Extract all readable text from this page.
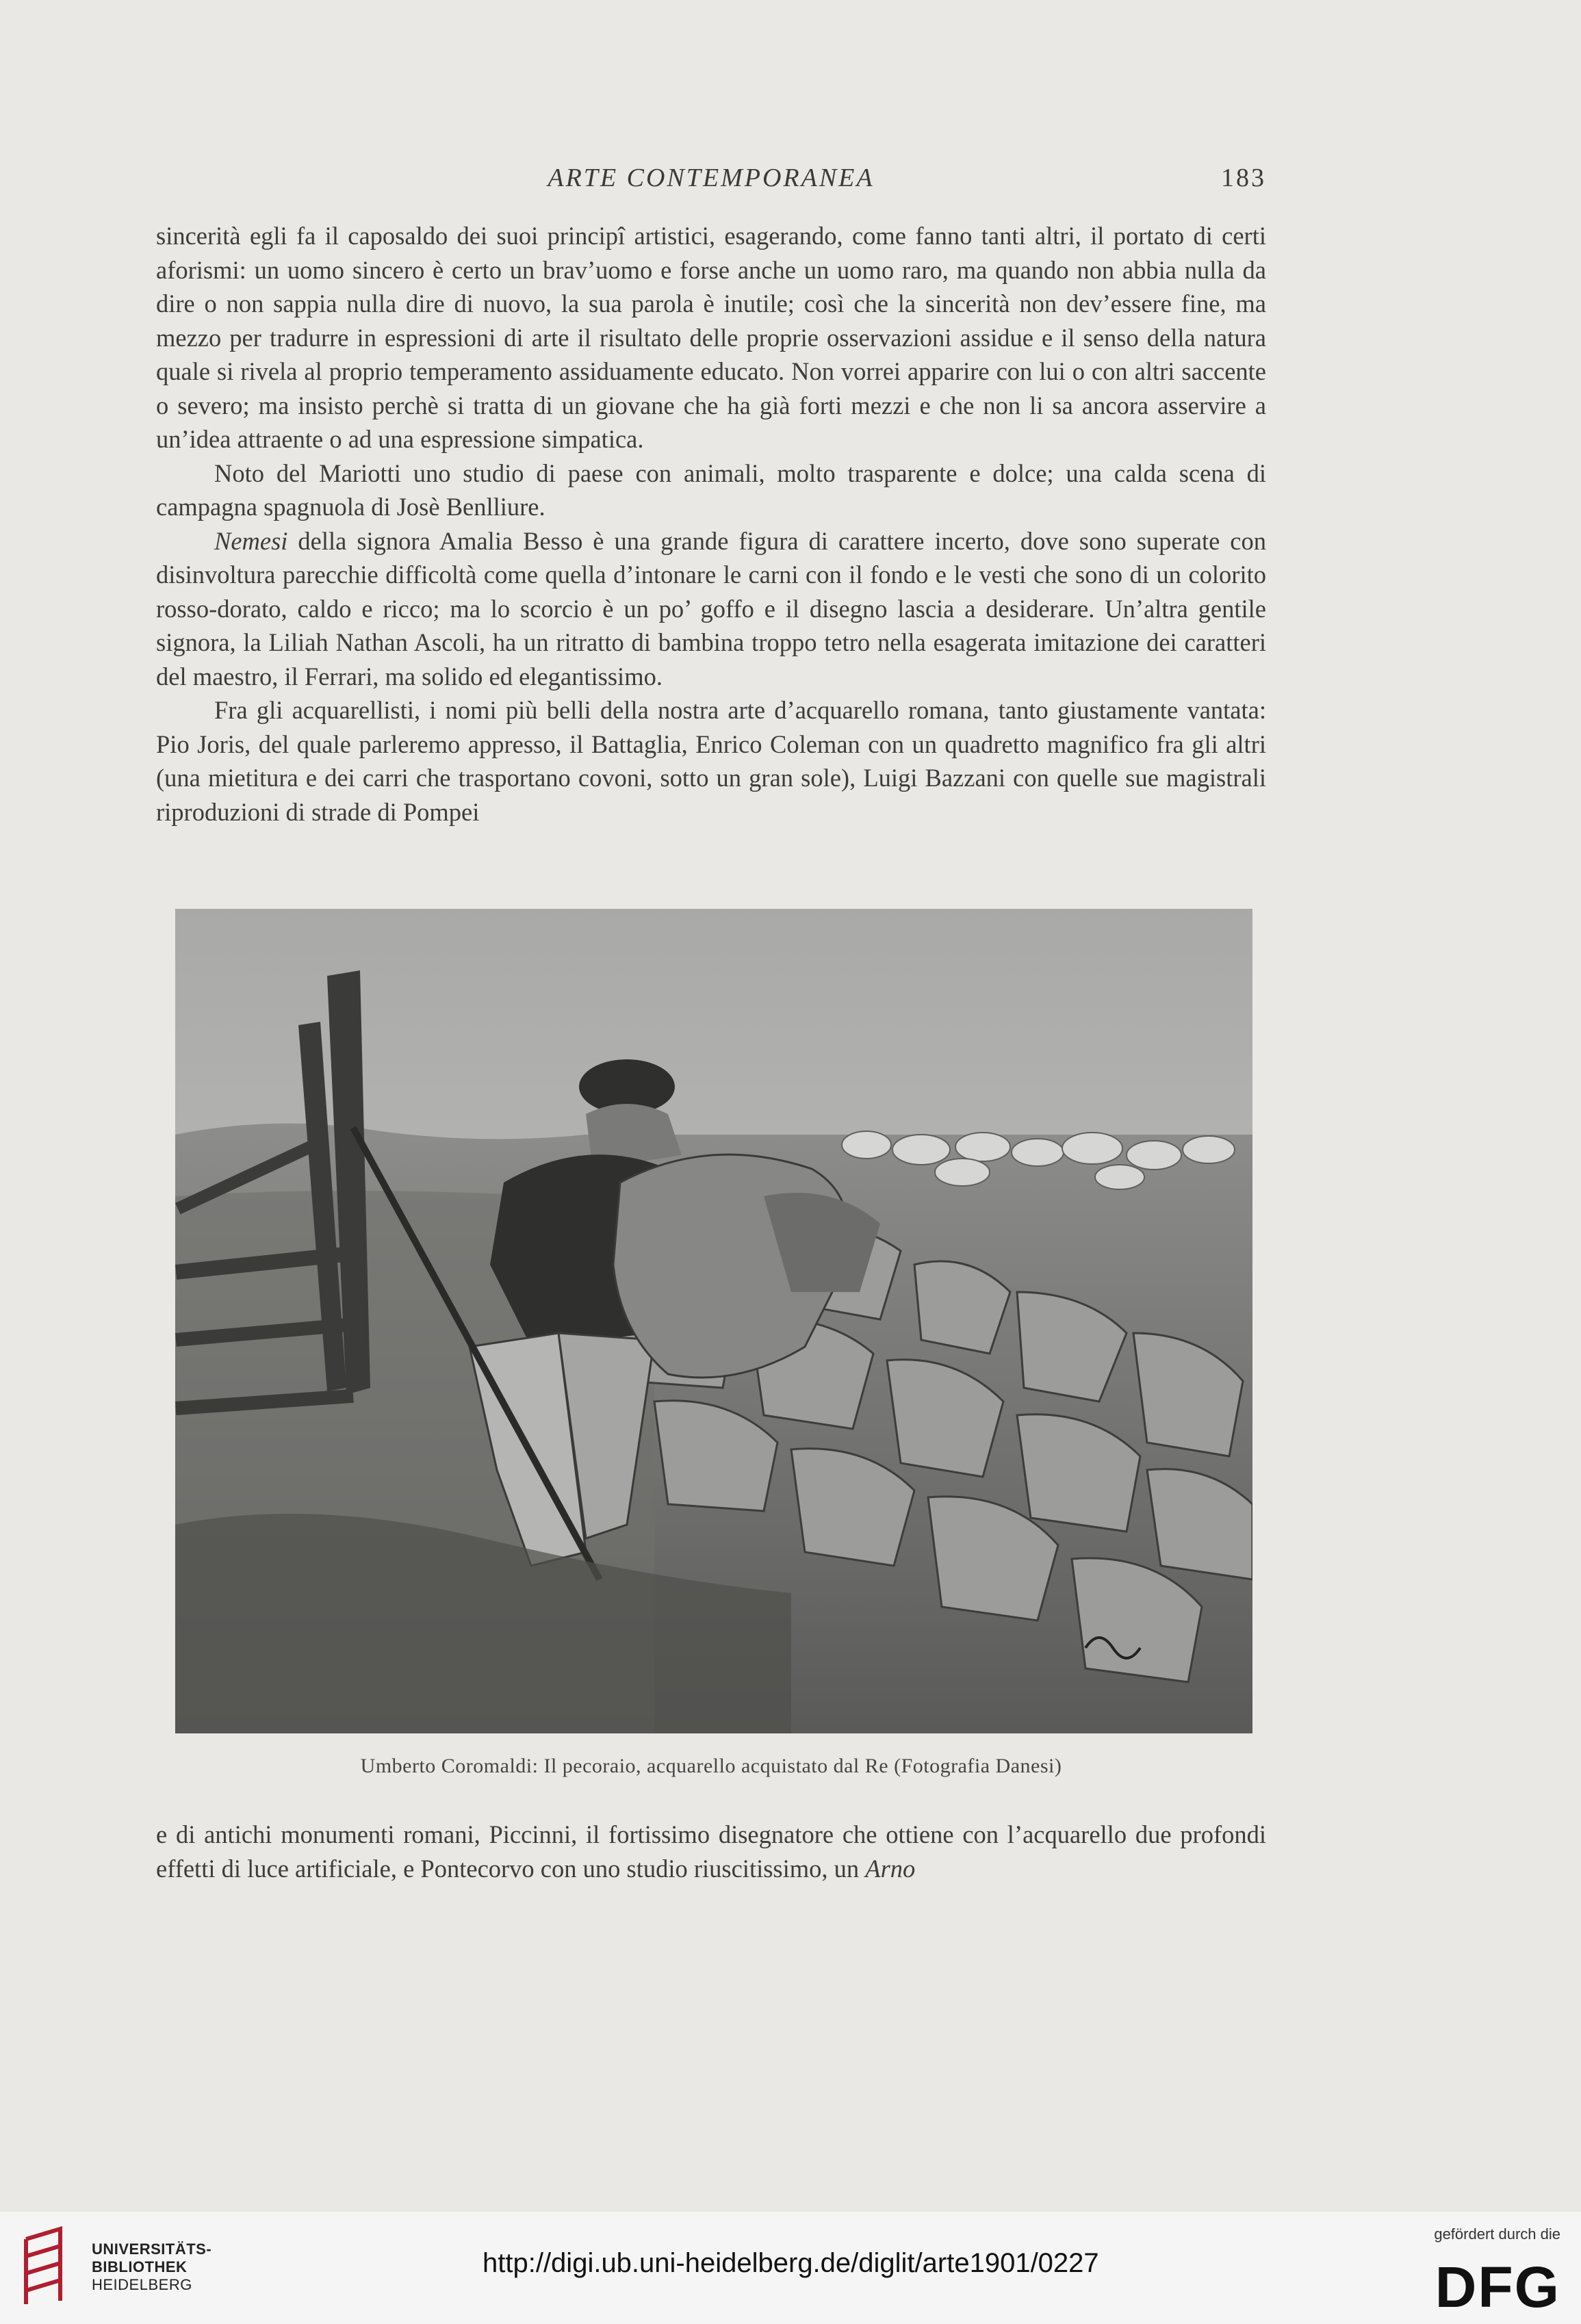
ARTE CONTEMPORANEA	183

sincerità egli fa il caposaldo dei suoi principî artistici, esagerando, come fanno tanti altri, il portato di certi aforismi: un uomo sincero è certo un brav’uomo e forse anche un uomo raro, ma quando non abbia nulla da dire o non sappia nulla dire di nuovo, la sua parola è inutile; così che la sincerità non dev’essere fine, ma mezzo per tradurre in espressioni di arte il risultato delle proprie osservazioni assidue e il senso della natura quale si rivela al proprio temperamento assiduamente educato. Non vorrei apparire con lui o con altri saccente o severo; ma insisto perchè si tratta di un giovane che ha già forti mezzi e che non li sa ancora asservire a un’idea attraente o ad una espressione simpatica.

Noto del Mariotti uno studio di paese con animali, molto trasparente e dolce; una calda scena di campagna spagnuola di Josè Benlliure.

Nemesi della signora Amalia Besso è una grande figura di carattere incerto, dove sono superate con disinvoltura parecchie difficoltà come quella d’intonare le carni con il fondo e le vesti che sono di un colorito rosso-dorato, caldo e ricco; ma lo scorcio è un po’ goffo e il disegno lascia a desiderare. Un’altra gentile signora, la Liliah Nathan Ascoli, ha un ritratto di bambina troppo tetro nella esagerata imitazione dei caratteri del maestro, il Ferrari, ma solido ed elegantissimo.

Fra gli acquarellisti, i nomi più belli della nostra arte d’acquarello romana, tanto giustamente vantata: Pio Joris, del quale parleremo appresso, il Battaglia, Enrico Coleman con un quadretto magnifico fra gli altri (una mietitura e dei carri che trasportano covoni, sotto un gran sole), Luigi Bazzani con quelle sue magistrali riproduzioni di strade di Pompei

Umberto Coromaldi: Il pecoraio, acquarello acquistato dal Re (Fotografia Danesi)

e di antichi monumenti romani, Piccinni, il fortissimo disegnatore che ottiene con l’acquarello due profondi effetti di luce artificiale, e Pontecorvo con uno studio riuscitissimo, un Arno

UNIVERSITÄTS-
BIBLIOTHEK
HEIDELBERG
http://digi.ub.uni-heidelberg.de/diglit/arte1901/0227
gefördert durch die
DFG
